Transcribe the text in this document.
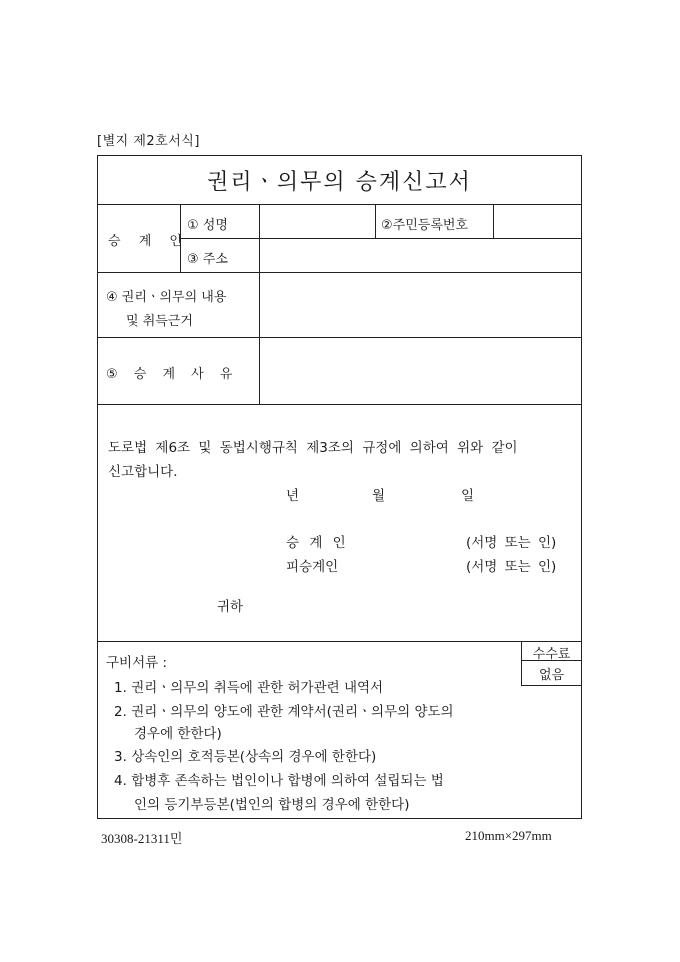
[별지 제2호서식]
권리ㆍ의무의 승계신고서
승 계 인
① 성명	②주민등록번호
③ 주소
④ 권리ㆍ의무의 내용
및 취득근거
⑤ 승 계 사 유
도로법 제6조 및 동법시행규칙 제3조의 규정에 의하여 위와 같이
신고합니다.
년	월	일
승 계 인	(서명 또는 인)
피승계인	(서명 또는 인)
귀하
구비서류 :
1. 권리ㆍ의무의 취득에 관한 허가관련 내역서
2. 권리ㆍ의무의 양도에 관한 계약서(권리ㆍ의무의 양도의
경우에 한한다)
3. 상속인의 호적등본(상속의 경우에 한한다)
4. 합병후 존속하는 법인이나 합병에 의하여 설립되는 법
인의 등기부등본(법인의 합병의 경우에 한한다)
수수료
없음
30308-21311민	210mm×297mm
